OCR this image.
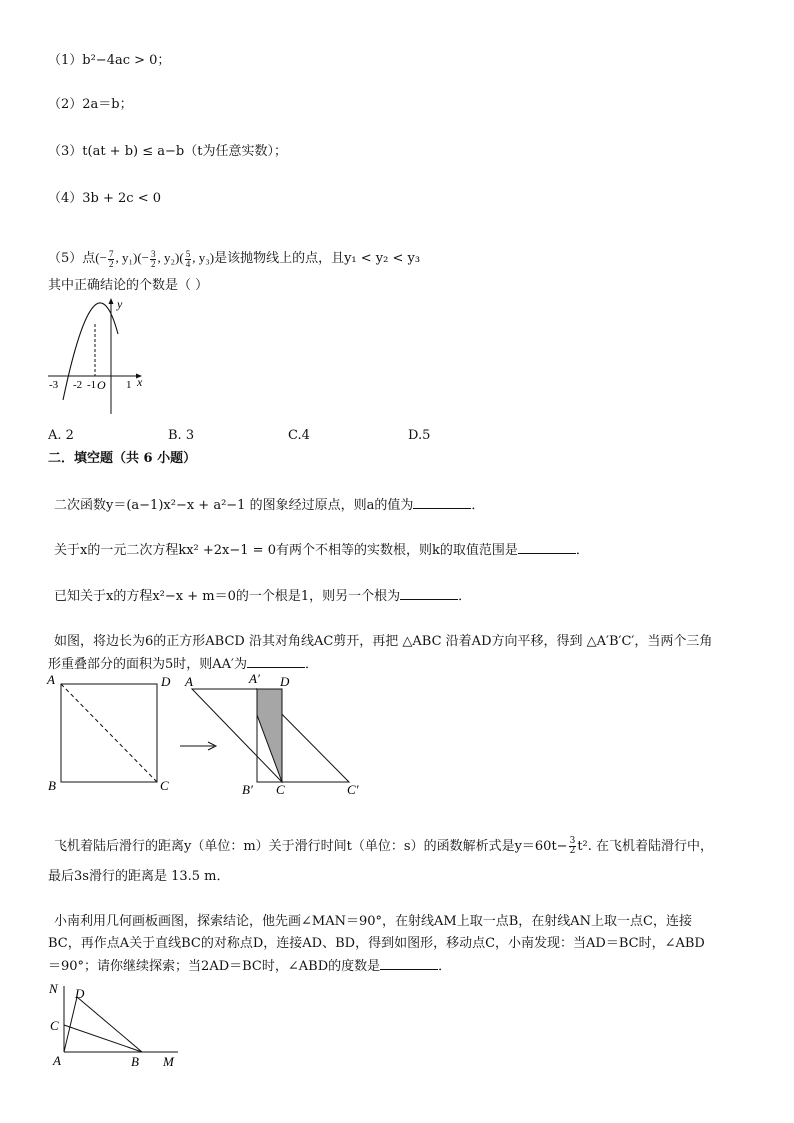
（1）b²−4ac > 0；
（2）2a＝b；
（3）t(at + b) ≤ a−b（t为任意实数）；
（4）3b + 2c < 0
（5）点(− $\frac{7}{2}$ , $y_1)(- \frac{3}{2}$ , $y_2)( \frac{5}{4}$ , y₃)是该抛物线上的点，且y₁ < y₂ < y₃
其中正确结论的个数是（ ）
y
x
O
-3 -2 -1	1
A. 2	B. 3	C.4	D.5
二．填空题（共 6 小题）
二次函数y＝(a−1)x²−x + a²−1 的图象经过原点，则a的值为	．
关于x的一元二次方程kx² +2x−1 = 0有两个不相等的实数根，则k的取值范围是	．
已知关于x的方程x²−x + m＝0的一个根是1，则另一个根为	．
如图，将边长为6的正方形ABCD 沿其对角线AC剪开，再把 △ABC 沿着AD方向平移，得到 △A′B′C′，当两个三角
形重叠部分的面积为5时，则AA′为	．
A	D
B	C
A	A′ D
B′ C	C′
飞机着陆后滑行的距离y（单位：m）关于滑行时间t（单位：s）的函数解析式是$y=60t- \frac{3}{2} t^2$. 在飞机着陆滑行中，
最后3s滑行的距离是 13.5 m．
小南利用几何画板画图，探索结论，他先画∠MAN＝90°，在射线AM上取一点B，在射线AN上取一点C，连接
BC，再作点A关于直线BC的对称点D，连接AD、BD，得到如图形，移动点C，小南发现：当AD＝BC时，∠ABD
＝90°；请你继续探索；当2AD＝BC时，∠ABD的度数是	．
N D
C
A	B M
